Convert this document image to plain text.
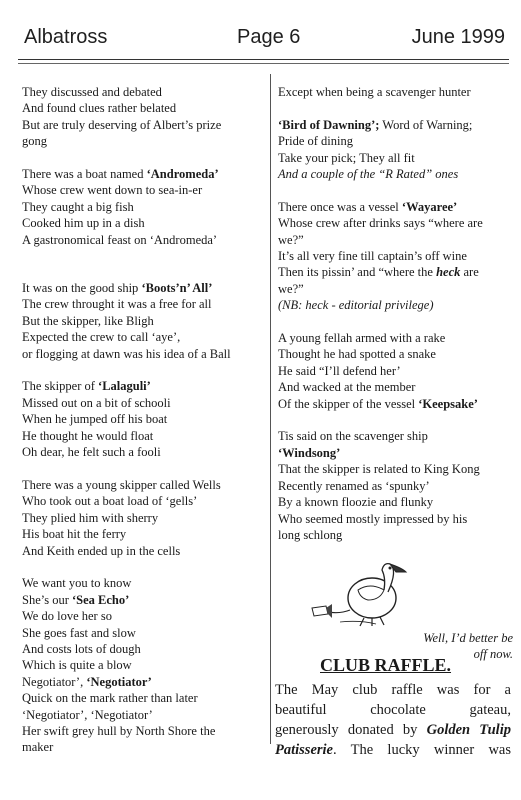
Albatross	Page 6	June 1999
They discussed and debated
And found clues rather belated
But are truly deserving of Albert’s prize
gong
There was a boat named ‘Andromeda’
Whose crew went down to sea-in-er
They caught a big fish
Cooked him up in a dish
A gastronomical feast on ‘Andromeda’
It was on the good ship ‘Boots’n’ All’
The crew throught it was a free for all
But the skipper, like Bligh
Expected the crew to call ‘aye’,
or flogging at dawn was his idea of a Ball
The skipper of ‘Lalaguli’
Missed out on a bit of schooli
When he jumped off his boat
He thought he would float
Oh dear, he felt such a fooli
There was a young skipper called Wells
Who took out a boat load of ‘gells’
They plied him with sherry
His boat hit the ferry
And Keith ended up in the cells
We want you to know
She’s our ‘Sea Echo’
We do love her so
She goes fast and slow
And costs lots of dough
Which is quite a blow
Negotiator’, ‘Negotiator’
Quick on the mark rather than later
‘Negotiator’, ‘Negotiator’
Her swift grey hull by North Shore the
maker
Except when being a scavenger hunter
‘Bird of Dawning’; Word of Warning;
Pride of dining
Take your pick; They all fit
And a couple of the “R Rated” ones
There once was a vessel ‘Wayaree’
Whose crew after drinks says “where are
we?”
It’s all very fine till captain’s off wine
Then its pissin’ and “where the heck are
we?”
(NB: heck - editorial privilege)
A young fellah armed with a rake
Thought he had spotted a snake
He said “I’ll defend her’
And wacked at the member
Of the skipper of the vessel ‘Keepsake’
Tis said on the scavenger ship
‘Windsong’
That the skipper is related to King Kong
Recently renamed as ‘spunky’
By a known floozie and flunky
Who seemed mostly impressed by his
long schlong
Well, I’d better be
off now.
CLUB RAFFLE.
The May club raffle was for a
beautiful	chocolate	gateau,
generously donated by Golden Tulip
Patisserie. The lucky winner was
